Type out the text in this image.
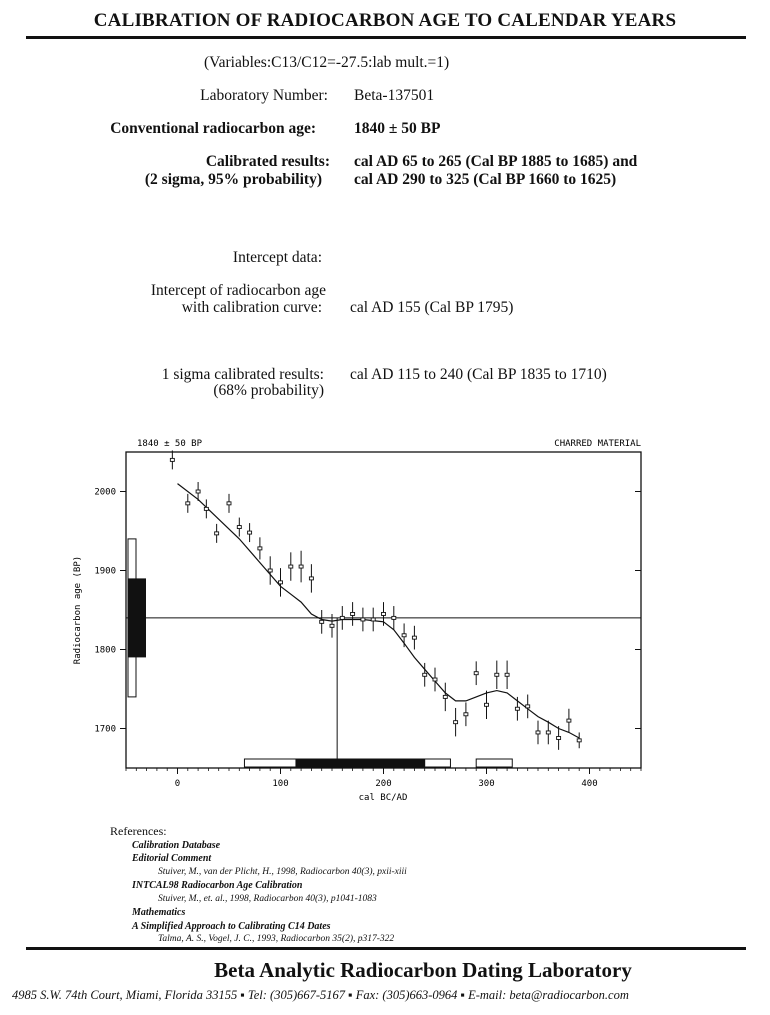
CALIBRATION OF RADIOCARBON AGE TO CALENDAR YEARS
(Variables:C13/C12=-27.5:lab mult.=1)
Laboratory Number: Beta-137501
Conventional radiocarbon age: 1840 ± 50 BP
Calibrated results:
(2 sigma, 95% probability)
cal AD 65 to 265 (Cal BP 1885 to 1685) and
cal AD 290 to 325 (Cal BP 1660 to 1625)
Intercept data:
Intercept of radiocarbon age
with calibration curve: cal AD 155 (Cal BP 1795)
1 sigma calibrated results:
(68% probability)
cal AD 115 to 240 (Cal BP 1835 to 1710)
1840 ± 50 BP	CHARRED MATERIAL
cal BC/AD
Radiocarbon age (BP)
0	100	200	300	400
1700
1800
1900
2000
References:
Calibration Database
Editorial Comment
Stuiver, M., van der Plicht, H., 1998, Radiocarbon 40(3), pxii-xiii
INTCAL98 Radiocarbon Age Calibration
Stuiver, M., et. al., 1998, Radiocarbon 40(3), p1041-1083
Mathematics
A Simplified Approach to Calibrating C14 Dates
Talma, A. S., Vogel, J. C., 1993, Radiocarbon 35(2), p317-322
Beta Analytic Radiocarbon Dating Laboratory
4985 S.W. 74th Court, Miami, Florida 33155 ▪ Tel: (305)667-5167 ▪ Fax: (305)663-0964 ▪ E-mail: beta@radiocarbon.com
